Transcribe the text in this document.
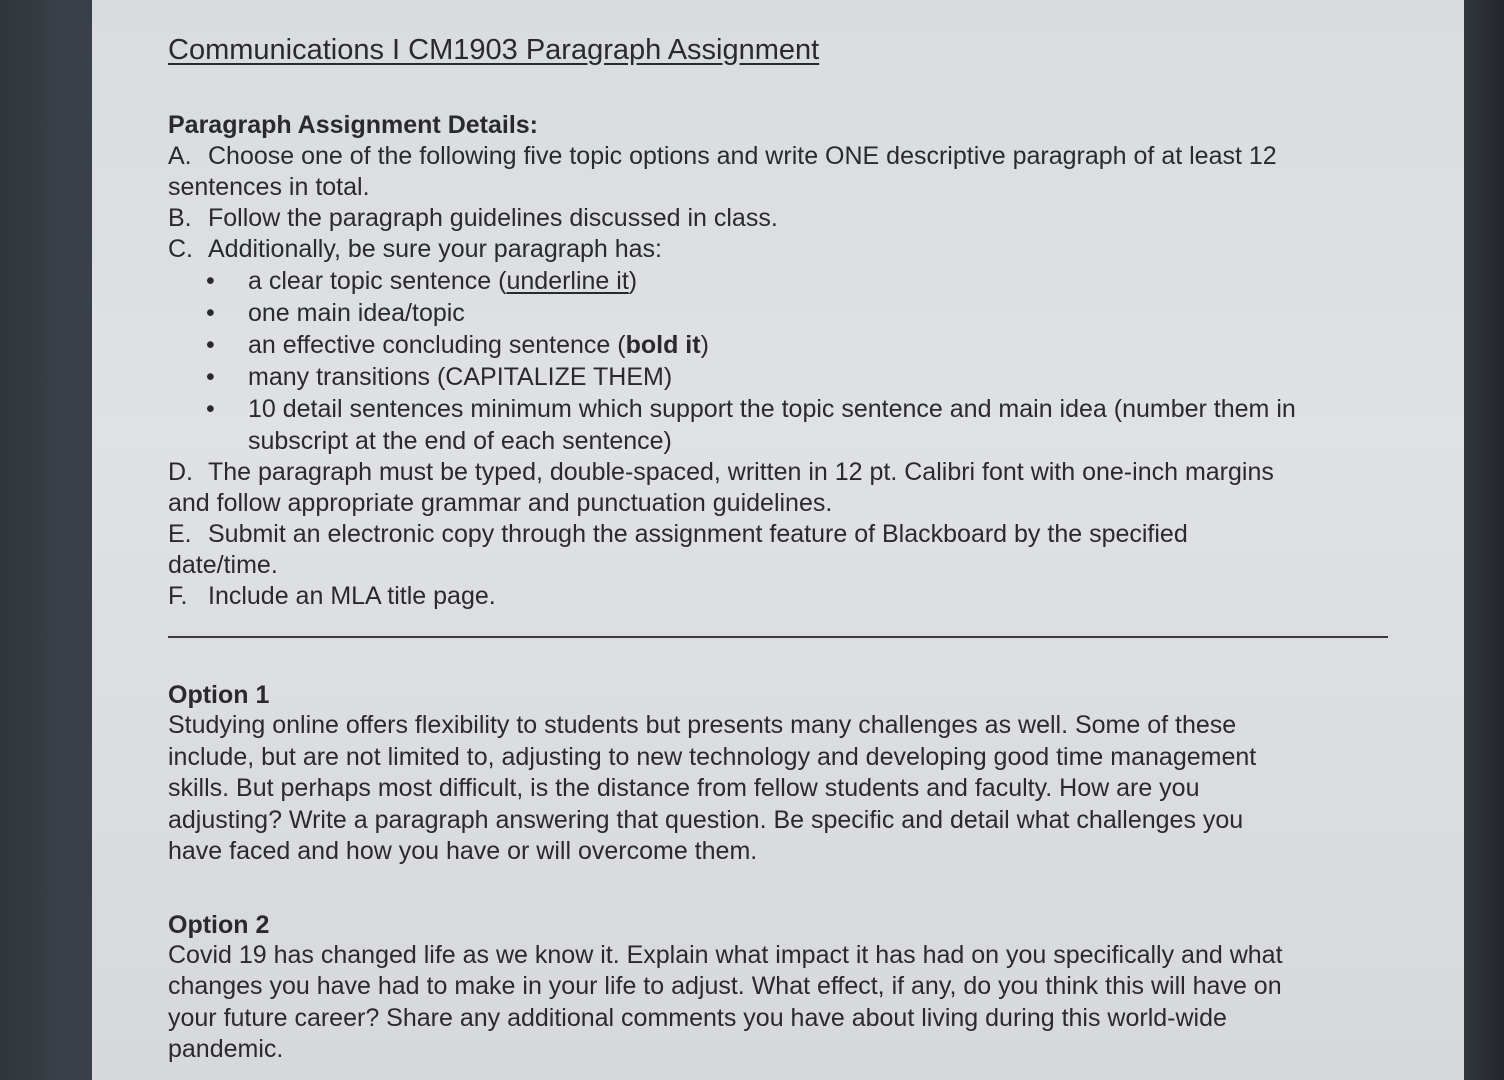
Communications I CM1903 Paragraph Assignment

Paragraph Assignment Details:

A. Choose one of the following five topic options and write ONE descriptive paragraph of at least 12

sentences in total.

B. Follow the paragraph guidelines discussed in class.

C. Additionally, be sure your paragraph has:

• a clear topic sentence (underline it)
• one main idea/topic
• an effective concluding sentence (bold it)
• many transitions (CAPITALIZE THEM)
• 10 detail sentences minimum which support the topic sentence and main idea (number them in
subscript at the end of each sentence)

D. The paragraph must be typed, double-spaced, written in 12 pt. Calibri font with one-inch margins

and follow appropriate grammar and punctuation guidelines.

E. Submit an electronic copy through the assignment feature of Blackboard by the specified

date/time.

F. Include an MLA title page.

Option 1
Studying online offers flexibility to students but presents many challenges as well. Some of these
include, but are not limited to, adjusting to new technology and developing good time management
skills. But perhaps most difficult, is the distance from fellow students and faculty. How are you
adjusting? Write a paragraph answering that question. Be specific and detail what challenges you
have faced and how you have or will overcome them.
Option 2
Covid 19 has changed life as we know it. Explain what impact it has had on you specifically and what
changes you have had to make in your life to adjust. What effect, if any, do you think this will have on
your future career? Share any additional comments you have about living during this world-wide
pandemic.
